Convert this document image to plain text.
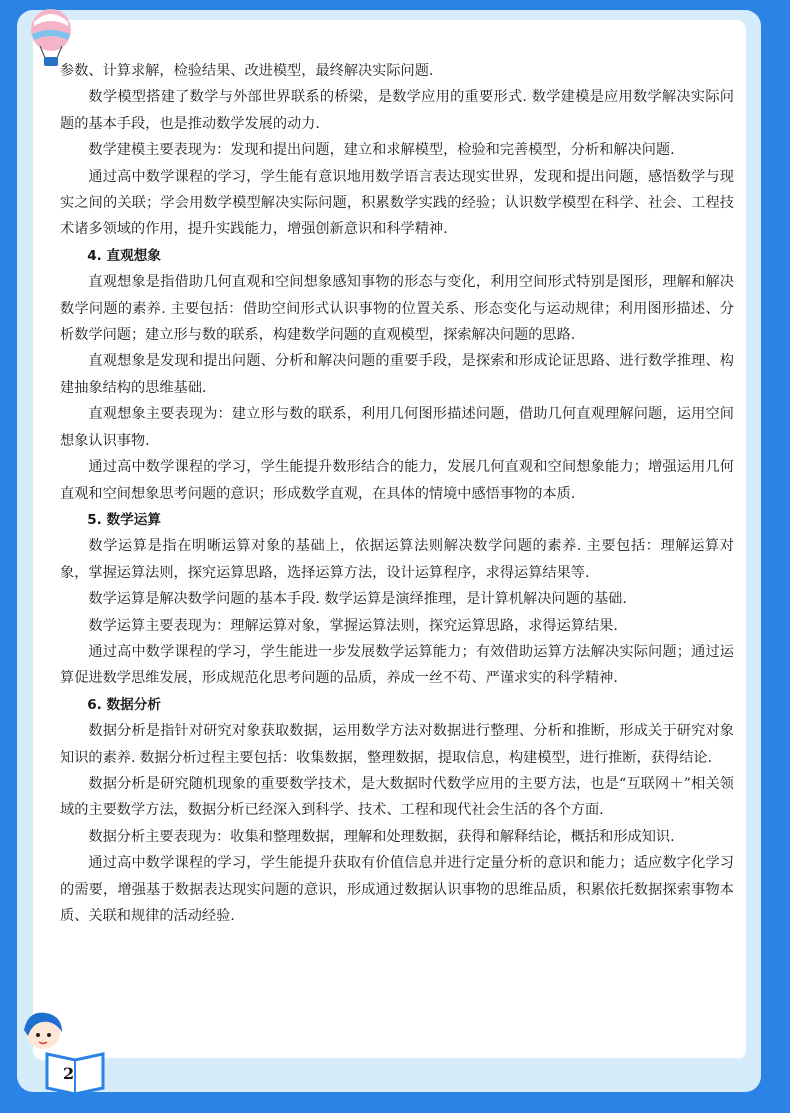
参数、计算求解，检验结果、改进模型，最终解决实际问题.

数学模型搭建了数学与外部世界联系的桥梁，是数学应用的重要形式. 数学建模是应用数学解决实际问题的基本手段，也是推动数学发展的动力.

数学建模主要表现为：发现和提出问题，建立和求解模型，检验和完善模型，分析和解决问题.

通过高中数学课程的学习，学生能有意识地用数学语言表达现实世界，发现和提出问题，感悟数学与现实之间的关联；学会用数学模型解决实际问题，积累数学实践的经验；认识数学模型在科学、社会、工程技术诸多领域的作用，提升实践能力，增强创新意识和科学精神.

4. 直观想象

直观想象是指借助几何直观和空间想象感知事物的形态与变化，利用空间形式特别是图形，理解和解决数学问题的素养. 主要包括：借助空间形式认识事物的位置关系、形态变化与运动规律；利用图形描述、分析数学问题；建立形与数的联系，构建数学问题的直观模型，探索解决问题的思路.

直观想象是发现和提出问题、分析和解决问题的重要手段，是探索和形成论证思路、进行数学推理、构建抽象结构的思维基础.

直观想象主要表现为：建立形与数的联系，利用几何图形描述问题，借助几何直观理解问题，运用空间想象认识事物.

通过高中数学课程的学习，学生能提升数形结合的能力，发展几何直观和空间想象能力；增强运用几何直观和空间想象思考问题的意识；形成数学直观，在具体的情境中感悟事物的本质.

5. 数学运算

数学运算是指在明晰运算对象的基础上，依据运算法则解决数学问题的素养. 主要包括：理解运算对象，掌握运算法则，探究运算思路，选择运算方法，设计运算程序，求得运算结果等.

数学运算是解决数学问题的基本手段. 数学运算是演绎推理，是计算机解决问题的基础.

数学运算主要表现为：理解运算对象，掌握运算法则，探究运算思路，求得运算结果.

通过高中数学课程的学习，学生能进一步发展数学运算能力；有效借助运算方法解决实际问题；通过运算促进数学思维发展，形成规范化思考问题的品质，养成一丝不苟、严谨求实的科学精神.

6. 数据分析

数据分析是指针对研究对象获取数据，运用数学方法对数据进行整理、分析和推断，形成关于研究对象知识的素养. 数据分析过程主要包括：收集数据，整理数据，提取信息，构建模型，进行推断，获得结论.

数据分析是研究随机现象的重要数学技术，是大数据时代数学应用的主要方法，也是“互联网＋”相关领域的主要数学方法，数据分析已经深入到科学、技术、工程和现代社会生活的各个方面.

数据分析主要表现为：收集和整理数据，理解和处理数据，获得和解释结论，概括和形成知识.

通过高中数学课程的学习，学生能提升获取有价值信息并进行定量分析的意识和能力；适应数字化学习的需要，增强基于数据表达现实问题的意识，形成通过数据认识事物的思维品质，积累依托数据探索事物本质、关联和规律的活动经验.

2
